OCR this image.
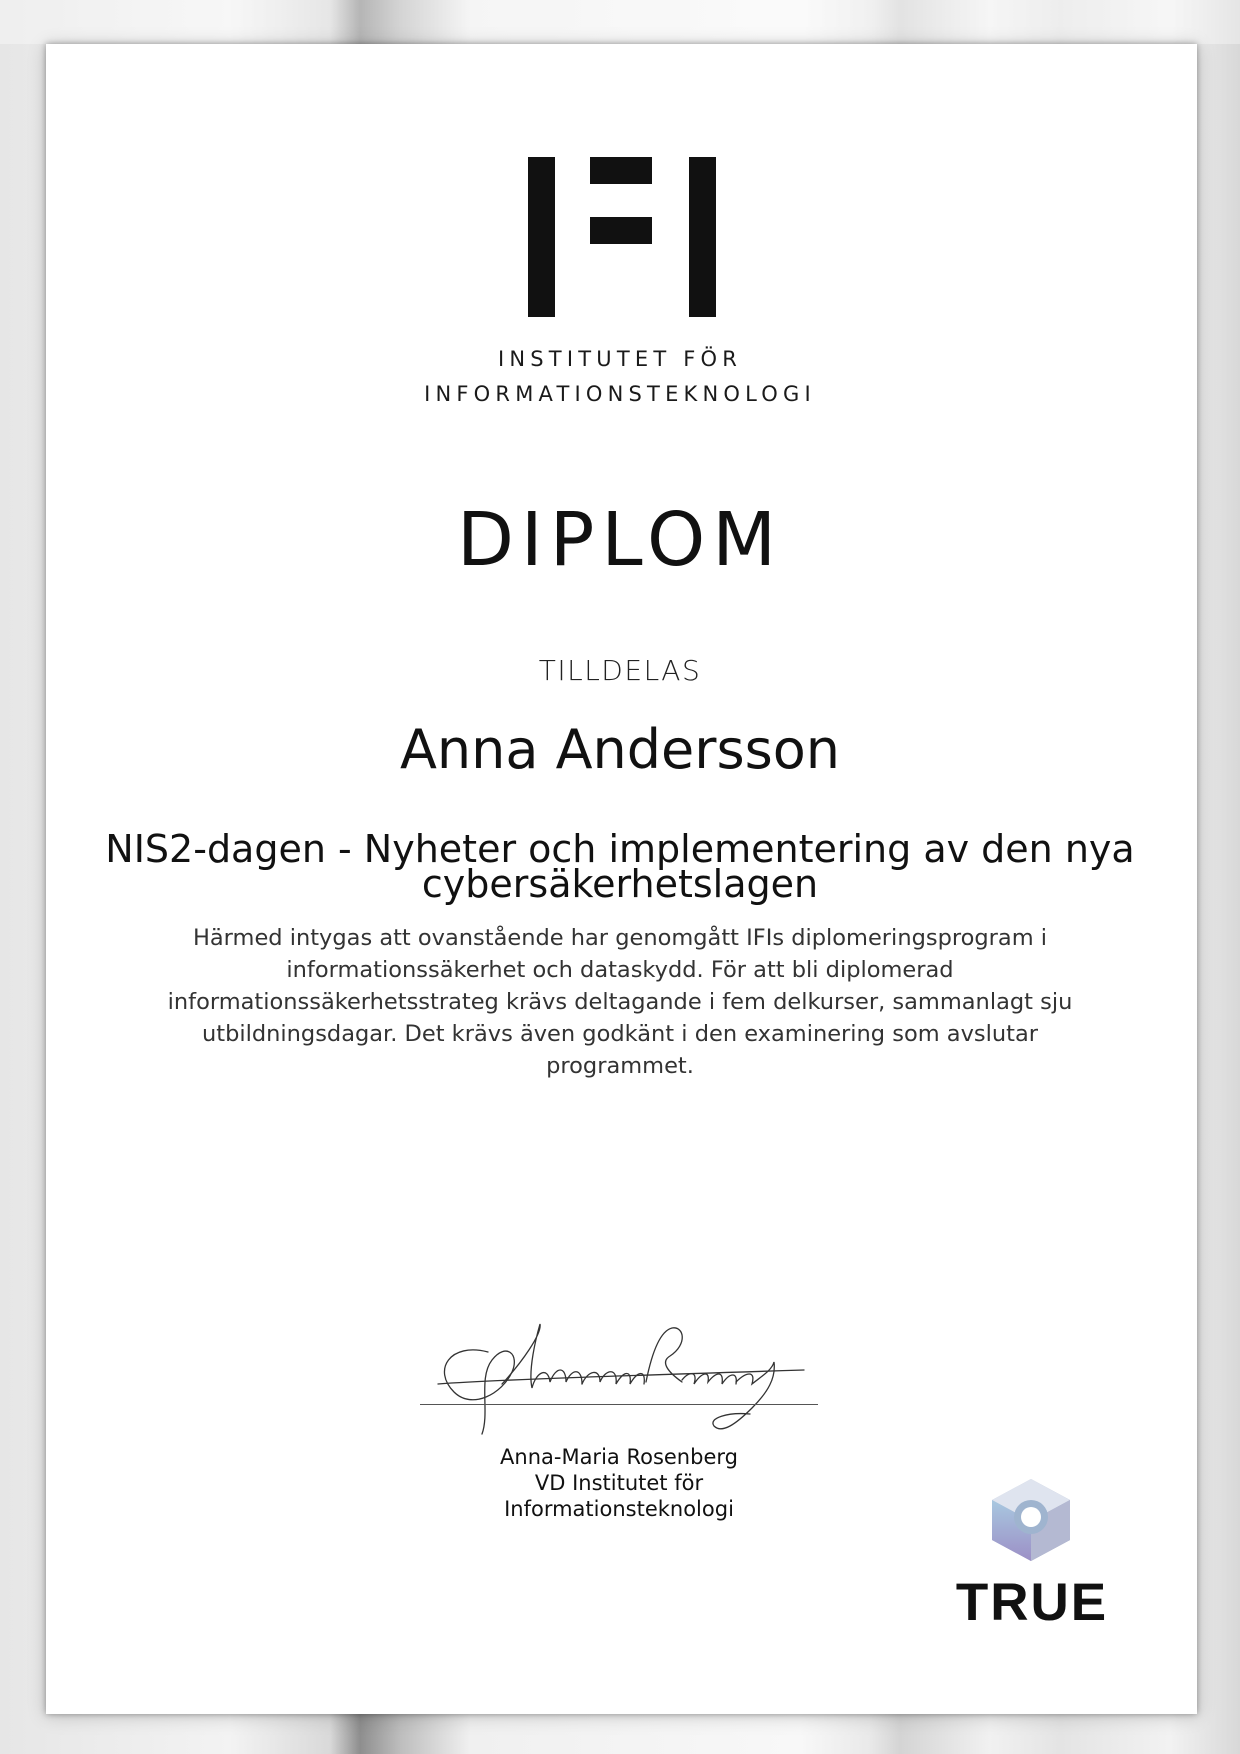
INSTITUTET FÖR
INFORMATIONSTEKNOLOGI
DIPLOM
TILLDELAS
Anna Andersson
NIS2-dagen - Nyheter och implementering av den nya cybersäkerhetslagen
Härmed intygas att ovanstående har genomgått IFIs diplomeringsprogram i informationssäkerhet och dataskydd. För att bli diplomerad informationssäkerhetsstrateg krävs deltagande i fem delkurser, sammanlagt sju utbildningsdagar. Det krävs även godkänt i den examinering som avslutar programmet.
Anna-Maria Rosenberg
VD Institutet för
Informationsteknologi
TRUE
